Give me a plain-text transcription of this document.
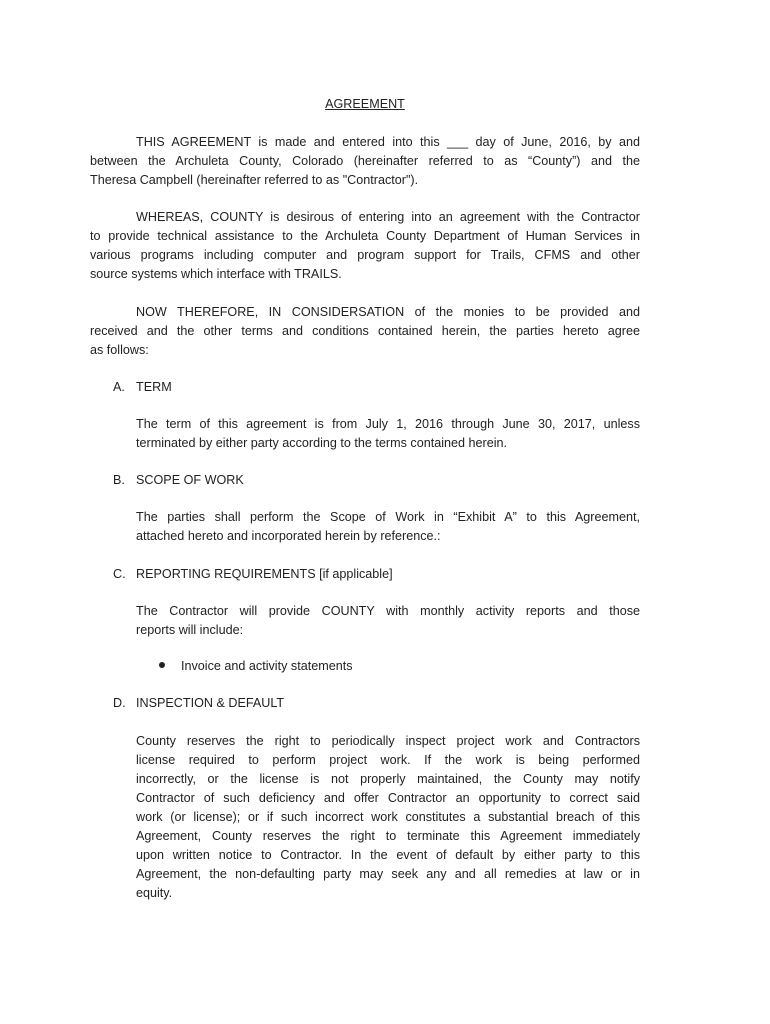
AGREEMENT
THIS AGREEMENT is made and entered into this ___ day of June, 2016, by and
between the Archuleta County, Colorado (hereinafter referred to as “County”) and the
Theresa Campbell (hereinafter referred to as "Contractor").
WHEREAS, COUNTY is desirous of entering into an agreement with the Contractor
to provide technical assistance to the Archuleta County Department of Human Services in
various programs including computer and program support for Trails, CFMS and other
source systems which interface with TRAILS.
NOW THEREFORE, IN CONSIDERSATION of the monies to be provided and
received and the other terms and conditions contained herein, the parties hereto agree
as follows:
A. TERM
The term of this agreement is from July 1, 2016 through June 30, 2017, unless
terminated by either party according to the terms contained herein.
B. SCOPE OF WORK
The parties shall perform the Scope of Work in “Exhibit A” to this Agreement,
attached hereto and incorporated herein by reference.:
C. REPORTING REQUIREMENTS [if applicable]
The Contractor will provide COUNTY with monthly activity reports and those
reports will include:
Invoice and activity statements
D. INSPECTION & DEFAULT
County reserves the right to periodically inspect project work and Contractors
license required to perform project work. If the work is being performed
incorrectly, or the license is not properly maintained, the County may notify
Contractor of such deficiency and offer Contractor an opportunity to correct said
work (or license); or if such incorrect work constitutes a substantial breach of this
Agreement, County reserves the right to terminate this Agreement immediately
upon written notice to Contractor. In the event of default by either party to this
Agreement, the non-defaulting party may seek any and all remedies at law or in
equity.
